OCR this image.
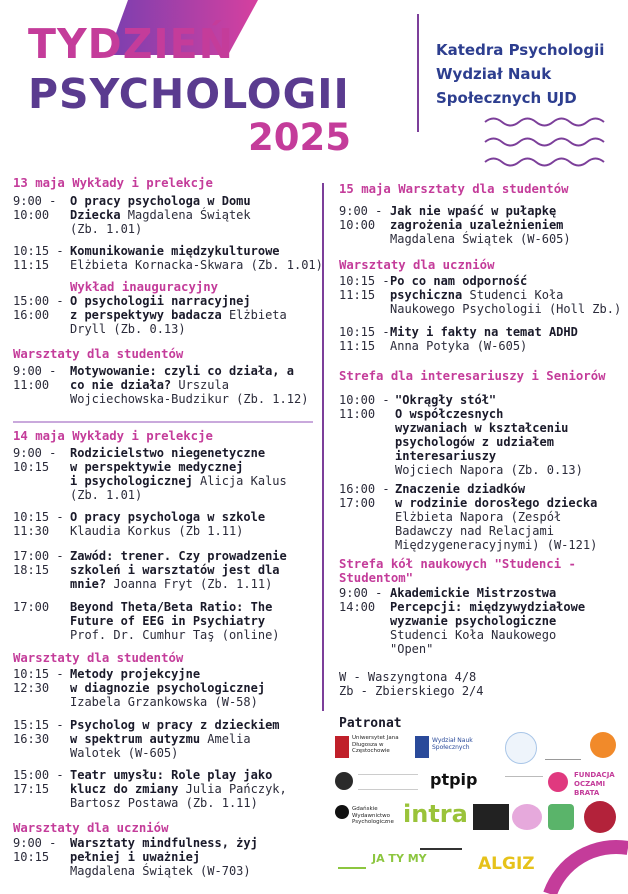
TYDZIEŃ
PSYCHOLOGII
2025
Katedra Psychologii
Wydział Nauk
Społecznych UJD
13 maja Wykłady i prelekcje
9:00 -
10:00
O pracy psychologa w Domu
Dziecka Magdalena Świątek
(Zb. 1.01)
10:15 -
11:15
Komunikowanie międzykulturowe
Elżbieta Kornacka-Skwara (Zb. 1.01)
Wykład inauguracyjny
15:00 -
16:00
O psychologii narracyjnej
z perspektywy badacza Elżbieta
Dryll (Zb. 0.13)
Warsztaty dla studentów
9:00 -
11:00
Motywowanie: czyli co działa, a
co nie działa? Urszula
Wojciechowska-Budzikur (Zb. 1.12)
14 maja Wykłady i prelekcje
9:00 -
10:15
Rodzicielstwo niegenetyczne
w perspektywie medycznej
i psychologicznej Alicja Kalus
(Zb. 1.01)
10:15 -
11:30
O pracy psychologa w szkole
Klaudia Korkus (Zb 1.11)
17:00 -
18:15
Zawód: trener. Czy prowadzenie
szkoleń i warsztatów jest dla
mnie? Joanna Fryt (Zb. 1.11)
17:00 Beyond Theta/Beta Ratio: The
Future of EEG in Psychiatry
Prof. Dr. Cumhur Taş (online)
Warsztaty dla studentów
10:15 -
12:30
Metody projekcyjne
w diagnozie psychologicznej
Izabela Grzankowska (W-58)
15:15 -
16:30
Psycholog w pracy z dzieckiem
w spektrum autyzmu Amelia
Walotek (W-605)
15:00 -
17:15
Teatr umysłu: Role play jako
klucz do zmiany Julia Pańczyk,
Bartosz Postawa (Zb. 1.11)
Warsztaty dla uczniów
9:00 -
10:15
Warsztaty mindfulness, żyj
pełniej i uważniej
Magdalena Świątek (W-703)
15 maja Warsztaty dla studentów
9:00 -
10:00
Jak nie wpaść w pułapkę
zagrożenia uzależnieniem
Magdalena Świątek (W-605)
Warsztaty dla uczniów
10:15 -
11:15
Po co nam odporność
psychiczna Studenci Koła
Naukowego Psychologii (Holl Zb.)
10:15 -
11:15
Mity i fakty na temat ADHD
Anna Potyka (W-605)
Strefa dla interesariuszy i Seniorów
10:00 -
11:00
"Okrągły stół"
O współczesnych
wyzwaniach w kształceniu
psychologów z udziałem
interesariuszy
Wojciech Napora (Zb. 0.13)
16:00 -
17:00
Znaczenie dziadków
w rodzinie dorosłego dziecka
Elżbieta Napora (Zespół
Badawczy nad Relacjami
Międzygeneracyjnymi) (W-121)
Strefa kół naukowych "Studenci -
Studentom"
9:00 -
14:00
Akademickie Mistrzostwa
Percepcji: międzywydziałowe
wyzwanie psychologiczne
Studenci Koła Naukowego
"Open"
W - Waszyngtona 4/8
Zb - Zbierskiego 2/4
Patronat
Uniwersytet Jana Długosza w Częstochowie
Wydział Nauk Społecznych
ptpip	FUNDACJA OCZAMI BRATA
Gdańskie Wydawnictwo Psychologiczne intra
JA TY MY	ALGIZ
